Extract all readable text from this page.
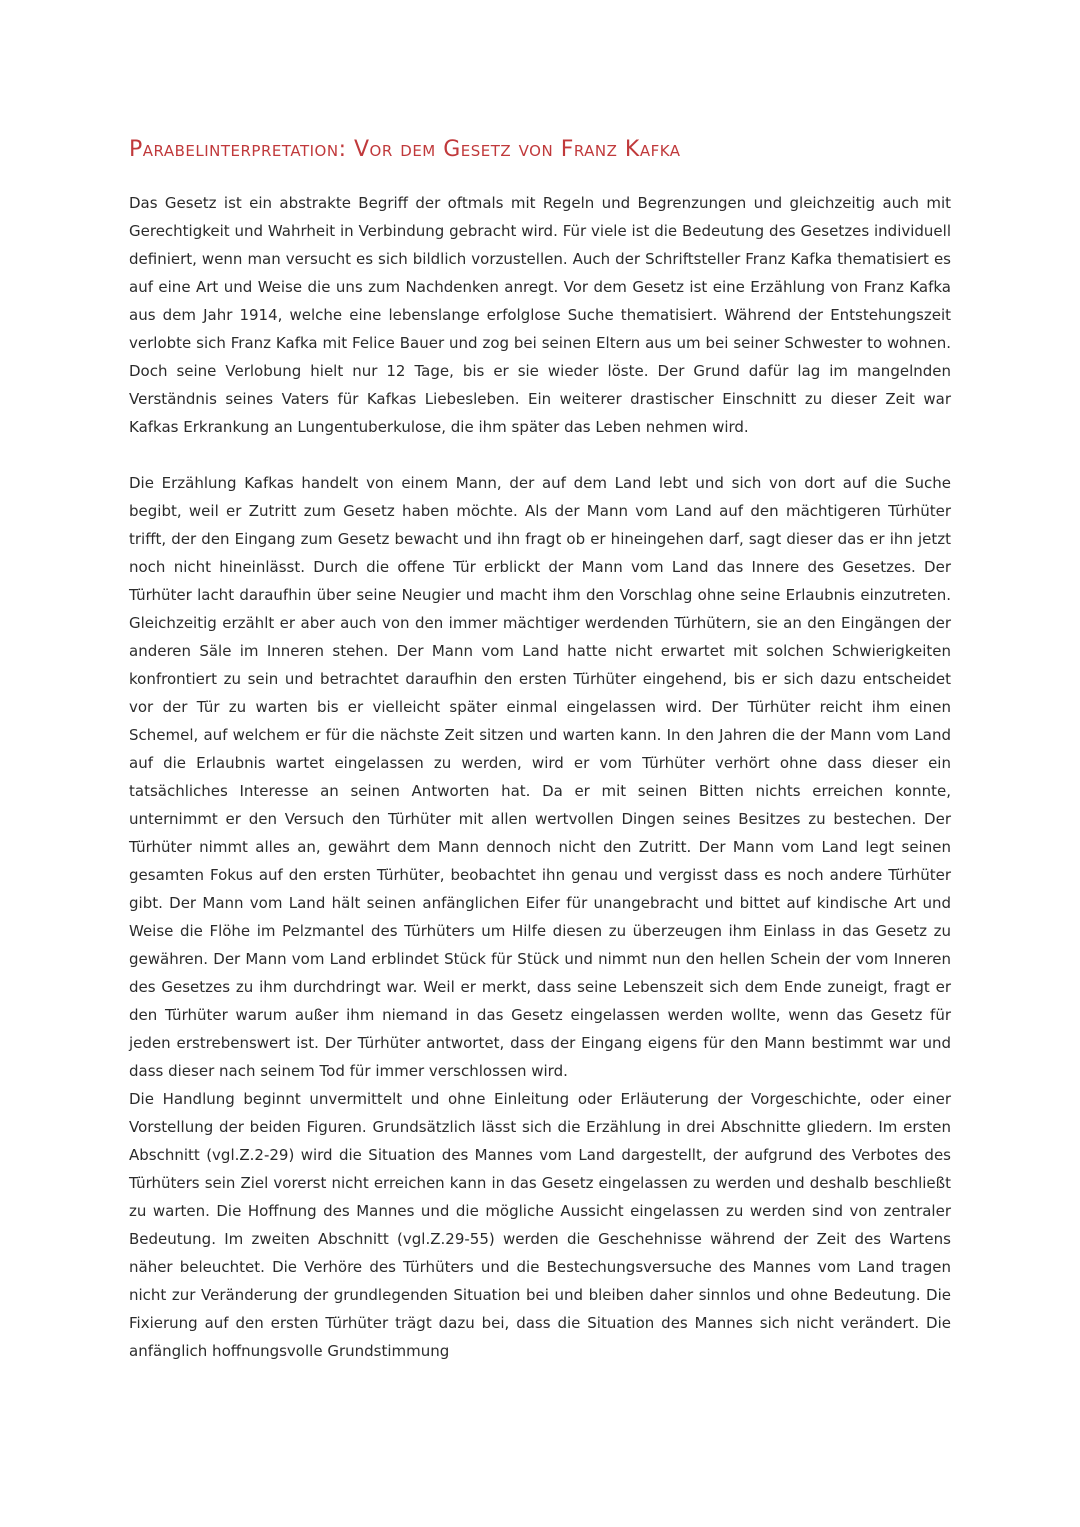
Parabelinterpretation: Vor dem Gesetz von Franz Kafka

Das Gesetz ist ein abstrakte Begriff der oftmals mit Regeln und Begrenzungen und gleichzeitig auch mit Gerechtigkeit und Wahrheit in Verbindung gebracht wird. Für viele ist die Bedeutung des Gesetzes individuell definiert, wenn man versucht es sich bildlich vorzustellen. Auch der Schriftsteller Franz Kafka thematisiert es auf eine Art und Weise die uns zum Nachdenken anregt. Vor dem Gesetz ist eine Erzählung von Franz Kafka aus dem Jahr 1914, welche eine lebenslange erfolglose Suche thematisiert. Während der Entstehungszeit verlobte sich Franz Kafka mit Felice Bauer und zog bei seinen Eltern aus um bei seiner Schwester to wohnen. Doch seine Verlobung hielt nur 12 Tage, bis er sie wieder löste. Der Grund dafür lag im mangelnden Verständnis seines Vaters für Kafkas Liebesleben. Ein weiterer drastischer Einschnitt zu dieser Zeit war Kafkas Erkrankung an Lungentuberkulose, die ihm später das Leben nehmen wird.

Die Erzählung Kafkas handelt von einem Mann, der auf dem Land lebt und sich von dort auf die Suche begibt, weil er Zutritt zum Gesetz haben möchte. Als der Mann vom Land auf den mächtigeren Türhüter trifft, der den Eingang zum Gesetz bewacht und ihn fragt ob er hineingehen darf, sagt dieser das er ihn jetzt noch nicht hineinlässt. Durch die offene Tür erblickt der Mann vom Land das Innere des Gesetzes. Der Türhüter lacht daraufhin über seine Neugier und macht ihm den Vorschlag ohne seine Erlaubnis einzutreten. Gleichzeitig erzählt er aber auch von den immer mächtiger werdenden Türhütern, sie an den Eingängen der anderen Säle im Inneren stehen. Der Mann vom Land hatte nicht erwartet mit solchen Schwierigkeiten konfrontiert zu sein und betrachtet daraufhin den ersten Türhüter eingehend, bis er sich dazu entscheidet vor der Tür zu warten bis er vielleicht später einmal eingelassen wird. Der Türhüter reicht ihm einen Schemel, auf welchem er für die nächste Zeit sitzen und warten kann. In den Jahren die der Mann vom Land auf die Erlaubnis wartet eingelassen zu werden, wird er vom Türhüter verhört ohne dass dieser ein tatsächliches Interesse an seinen Antworten hat. Da er mit seinen Bitten nichts erreichen konnte, unternimmt er den Versuch den Türhüter mit allen wertvollen Dingen seines Besitzes zu bestechen. Der Türhüter nimmt alles an, gewährt dem Mann dennoch nicht den Zutritt. Der Mann vom Land legt seinen gesamten Fokus auf den ersten Türhüter, beobachtet ihn genau und vergisst dass es noch andere Türhüter gibt. Der Mann vom Land hält seinen anfänglichen Eifer für unangebracht und bittet auf kindische Art und Weise die Flöhe im Pelzmantel des Türhüters um Hilfe diesen zu überzeugen ihm Einlass in das Gesetz zu gewähren. Der Mann vom Land erblindet Stück für Stück und nimmt nun den hellen Schein der vom Inneren des Gesetzes zu ihm durchdringt war. Weil er merkt, dass seine Lebenszeit sich dem Ende zuneigt, fragt er den Türhüter warum außer ihm niemand in das Gesetz eingelassen werden wollte, wenn das Gesetz für jeden erstrebenswert ist. Der Türhüter antwortet, dass der Eingang eigens für den Mann bestimmt war und dass dieser nach seinem Tod für immer verschlossen wird.

Die Handlung beginnt unvermittelt und ohne Einleitung oder Erläuterung der Vorgeschichte, oder einer Vorstellung der beiden Figuren. Grundsätzlich lässt sich die Erzählung in drei Abschnitte gliedern. Im ersten Abschnitt (vgl.Z.2-29) wird die Situation des Mannes vom Land dargestellt, der aufgrund des Verbotes des Türhüters sein Ziel vorerst nicht erreichen kann in das Gesetz eingelassen zu werden und deshalb beschließt zu warten. Die Hoffnung des Mannes und die mögliche Aussicht eingelassen zu werden sind von zentraler Bedeutung. Im zweiten Abschnitt (vgl.Z.29-55) werden die Geschehnisse während der Zeit des Wartens näher beleuchtet. Die Verhöre des Türhüters und die Bestechungsversuche des Mannes vom Land tragen nicht zur Veränderung der grundlegenden Situation bei und bleiben daher sinnlos und ohne Bedeutung. Die Fixierung auf den ersten Türhüter trägt dazu bei, dass die Situation des Mannes sich nicht verändert. Die anfänglich hoffnungsvolle Grundstimmung
